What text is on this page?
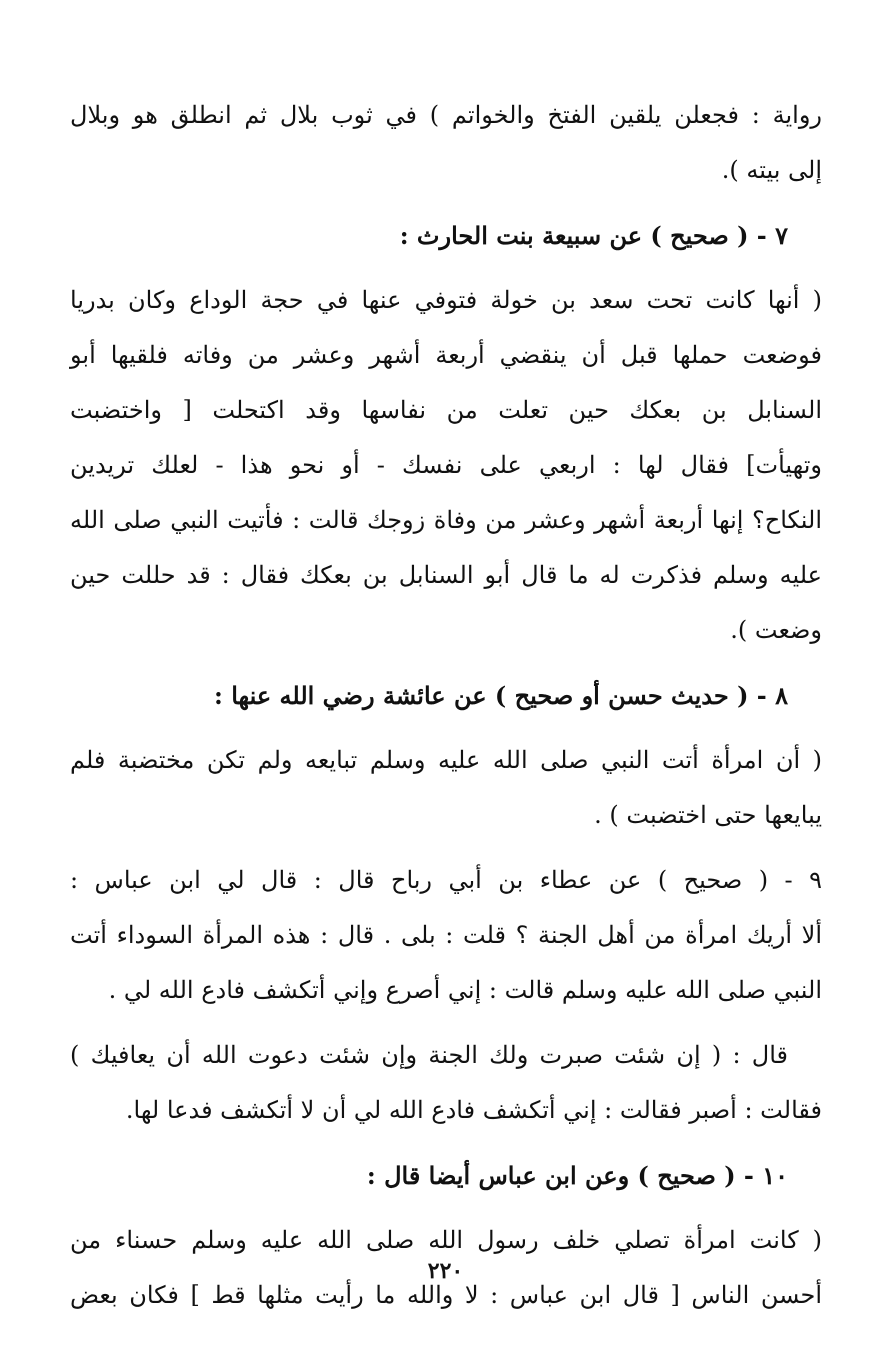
رواية : فجعلن يلقين الفتخ والخواتم ) في ثوب بلال ثم انطلق هو وبلال
إلى بيته ).
٧ - ( صحيح ) عن سبيعة بنت الحارث :
( أنها كانت تحت سعد بن خولة فتوفي عنها في حجة الوداع وكان بدريا
فوضعت حملها قبل أن ينقضي أربعة أشهر وعشر من وفاته فلقيها أبو
السنابل بن بعكك حين تعلت من نفاسها وقد اكتحلت [ واختضبت
وتهيأت] فقال لها : اربعي على نفسك - أو نحو هذا - لعلك تريدين
النكاح؟ إنها أربعة أشهر وعشر من وفاة زوجك قالت : فأتيت النبي صلى الله
عليه وسلم فذكرت له ما قال أبو السنابل بن بعكك فقال : قد حللت حين
وضعت ).
٨ - ( حديث حسن أو صحيح ) عن عائشة رضي الله عنها :
( أن امرأة أتت النبي صلى الله عليه وسلم تبايعه ولم تكن مختضبة فلم
يبايعها حتى اختضبت ) .
٩ - ( صحيح ) عن عطاء بن أبي رباح قال : قال لي ابن عباس :
ألا أريك امرأة من أهل الجنة ؟ قلت : بلى . قال : هذه المرأة السوداء أتت
النبي صلى الله عليه وسلم قالت : إني أصرع وإني أتكشف فادع الله لي .
قال : ( إن شئت صبرت ولك الجنة وإن شئت دعوت الله أن يعافيك )
فقالت : أصبر فقالت : إني أتكشف فادع الله لي أن لا أتكشف فدعا لها.
١٠ - ( صحيح ) وعن ابن عباس أيضا قال :
( كانت امرأة تصلي خلف رسول الله صلى الله عليه وسلم حسناء من
أحسن الناس [ قال ابن عباس : لا والله ما رأيت مثلها قط ] فكان بعض
٢٢٠
